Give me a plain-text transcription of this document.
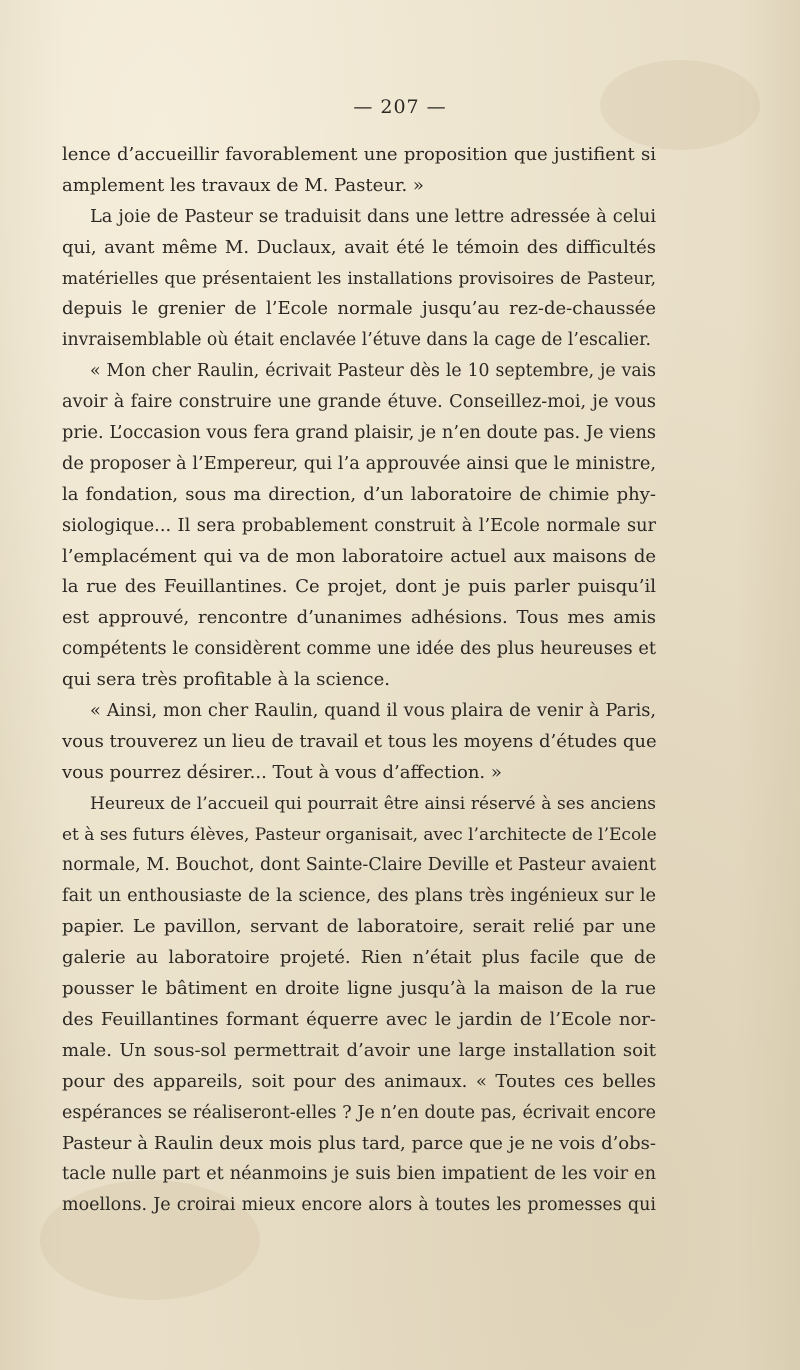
— 207 —
lence d’accueillir favorablement une proposition que justifient si
amplement les travaux de M. Pasteur. »
La joie de Pasteur se traduisit dans une lettre adressée à celui
qui, avant même M. Duclaux, avait été le témoin des difficultés
matérielles que présentaient les installations provisoires de Pasteur,
depuis le grenier de l’Ecole normale jusqu’au rez-de-chaussée
invraisemblable où était enclavée l’étuve dans la cage de l’escalier.
« Mon cher Raulin, écrivait Pasteur dès le 10 septembre, je vais
avoir à faire construire une grande étuve. Conseillez-moi, je vous
prie. L’occasion vous fera grand plaisir, je n’en doute pas. Je viens
de proposer à l’Empereur, qui l’a approuvée ainsi que le ministre,
la fondation, sous ma direction, d’un laboratoire de chimie phy-
siologique... Il sera probablement construit à l’Ecole normale sur
l’emplacément qui va de mon laboratoire actuel aux maisons de
la rue des Feuillantines. Ce projet, dont je puis parler puisqu’il
est approuvé, rencontre d’unanimes adhésions. Tous mes amis
compétents le considèrent comme une idée des plus heureuses et
qui sera très profitable à la science.
« Ainsi, mon cher Raulin, quand il vous plaira de venir à Paris,
vous trouverez un lieu de travail et tous les moyens d’études que
vous pourrez désirer... Tout à vous d’affection. »
Heureux de l’accueil qui pourrait être ainsi réservé à ses anciens
et à ses futurs élèves, Pasteur organisait, avec l’architecte de l’Ecole
normale, M. Bouchot, dont Sainte-Claire Deville et Pasteur avaient
fait un enthousiaste de la science, des plans très ingénieux sur le
papier. Le pavillon, servant de laboratoire, serait relié par une
galerie au laboratoire projeté. Rien n’était plus facile que de
pousser le bâtiment en droite ligne jusqu’à la maison de la rue
des Feuillantines formant équerre avec le jardin de l’Ecole nor-
male. Un sous-sol permettrait d’avoir une large installation soit
pour des appareils, soit pour des animaux. « Toutes ces belles
espérances se réaliseront-elles ? Je n’en doute pas, écrivait encore
Pasteur à Raulin deux mois plus tard, parce que je ne vois d’obs-
tacle nulle part et néanmoins je suis bien impatient de les voir en
moellons. Je croirai mieux encore alors à toutes les promesses qui
